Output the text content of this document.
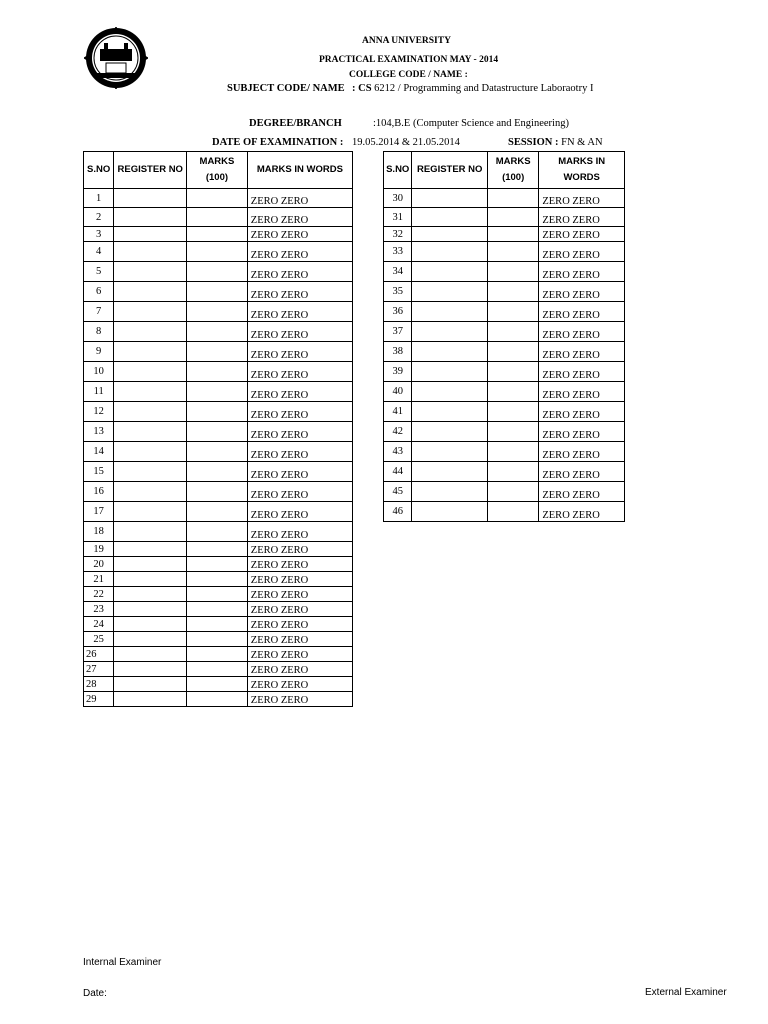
ANNA UNIVERSITY
PRACTICAL EXAMINATION MAY - 2014
COLLEGE CODE / NAME :
SUBJECT CODE/ NAME : CS 6212 / Programming and Datastructure Laboraotry I
DEGREE/BRANCH	:104,B.E (Computer Science and Engineering)
DATE OF EXAMINATION : 19.05.2014 & 21.05.2014	SESSION : FN & AN
S.NO	REGISTER NO	MARKS (100)	MARKS IN WORDS
1			ZERO ZERO
2			ZERO ZERO
3			ZERO ZERO
4			ZERO ZERO
5			ZERO ZERO
6			ZERO ZERO
7			ZERO ZERO
8			ZERO ZERO
9			ZERO ZERO
10			ZERO ZERO
11			ZERO ZERO
12			ZERO ZERO
13			ZERO ZERO
14			ZERO ZERO
15			ZERO ZERO
16			ZERO ZERO
17			ZERO ZERO
18			ZERO ZERO
19			ZERO ZERO
20			ZERO ZERO
21			ZERO ZERO
22			ZERO ZERO
23			ZERO ZERO
24			ZERO ZERO
25			ZERO ZERO
26			ZERO ZERO
27			ZERO ZERO
28			ZERO ZERO
29			ZERO ZERO
S.NO	REGISTER NO	MARKS (100)	MARKS IN WORDS
30			ZERO ZERO
31			ZERO ZERO
32			ZERO ZERO
33			ZERO ZERO
34			ZERO ZERO
35			ZERO ZERO
36			ZERO ZERO
37			ZERO ZERO
38			ZERO ZERO
39			ZERO ZERO
40			ZERO ZERO
41			ZERO ZERO
42			ZERO ZERO
43			ZERO ZERO
44			ZERO ZERO
45			ZERO ZERO
46			ZERO ZERO
Internal Examiner
Date:	External Examiner
